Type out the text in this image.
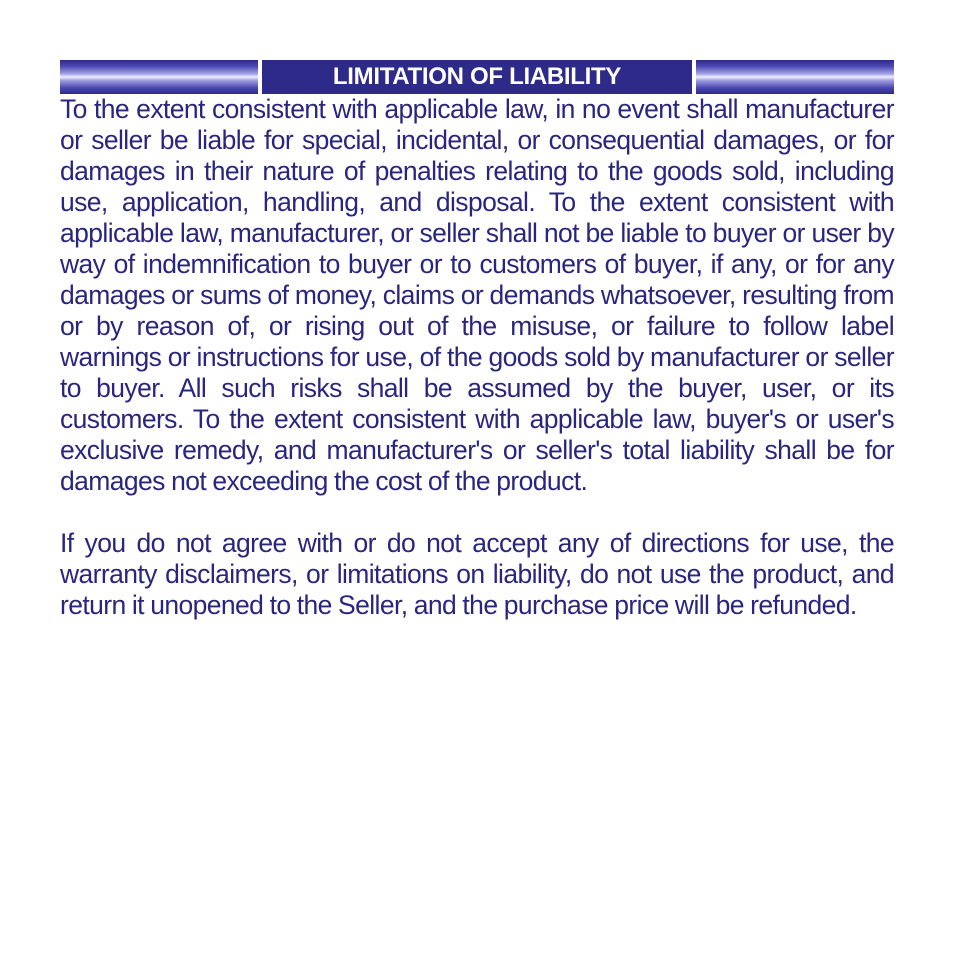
LIMITATION OF LIABILITY

To the extent consistent with applicable law, in no event shall manufacturer or seller be liable for special, incidental, or consequential damages, or for damages in their nature of penalties relating to the goods sold, including use, application, handling, and disposal. To the extent consistent with applicable law, manufacturer, or seller shall not be liable to buyer or user by way of indemnification to buyer or to customers of buyer, if any, or for any damages or sums of money, claims or demands whatsoever, resulting from or by reason of, or rising out of the misuse, or failure to follow label warnings or instructions for use, of the goods sold by manufacturer or seller to buyer. All such risks shall be assumed by the buyer, user, or its customers. To the extent consistent with applicable law, buyer's or user's exclusive remedy, and manufacturer's or seller's total liability shall be for damages not exceeding the cost of the product.

If you do not agree with or do not accept any of directions for use, the warranty disclaimers, or limitations on liability, do not use the product, and return it unopened to the Seller, and the purchase price will be refunded.
